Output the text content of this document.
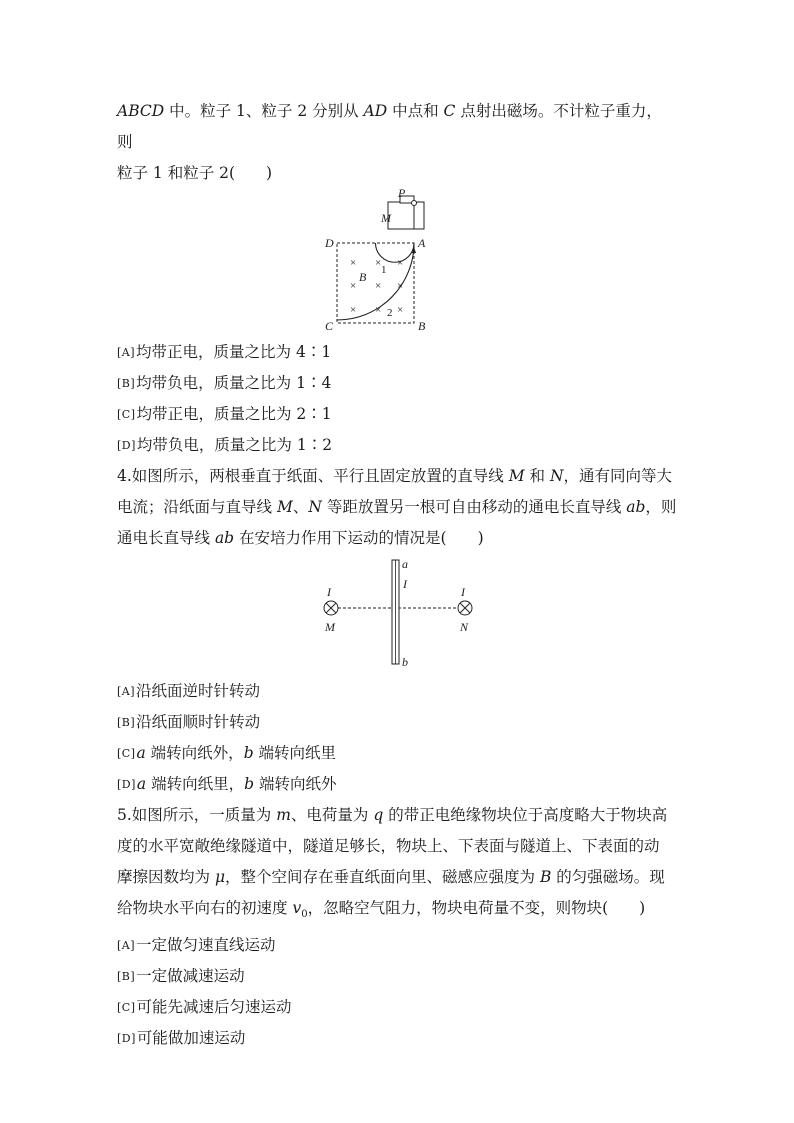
ABCD 中。粒子 1、粒子 2 分别从 AD 中点和 C 点射出磁场。不计粒子重力，则

粒子 1 和粒子 2(　　)

× × ×
× × ×
× × ×
P
M
D	A
B
C
B 1
2

[A]均带正电，质量之比为 4∶1

[B]均带负电，质量之比为 1∶4

[C]均带正电，质量之比为 2∶1

[D]均带负电，质量之比为 1∶2

4.如图所示，两根垂直于纸面、平行且固定放置的直导线 M 和 N，通有同向等大

电流；沿纸面与直导线 M、N 等距放置另一根可自由移动的通电长直导线 ab，则

通电长直导线 ab 在安培力作用下运动的情况是(　　)

I
M
I
N
a
I
b

[A]沿纸面逆时针转动

[B]沿纸面顺时针转动

[C]a 端转向纸外，b 端转向纸里

[D]a 端转向纸里，b 端转向纸外

5.如图所示，一质量为 m、电荷量为 q 的带正电绝缘物块位于高度略大于物块高

度的水平宽敞绝缘隧道中，隧道足够长，物块上、下表面与隧道上、下表面的动

摩擦因数均为 μ，整个空间存在垂直纸面向里、磁感应强度为 B 的匀强磁场。现

给物块水平向右的初速度 $v_0$，忽略空气阻力，物块电荷量不变，则物块(　　)

[A]一定做匀速直线运动

[B]一定做减速运动

[C]可能先减速后匀速运动

[D]可能做加速运动
